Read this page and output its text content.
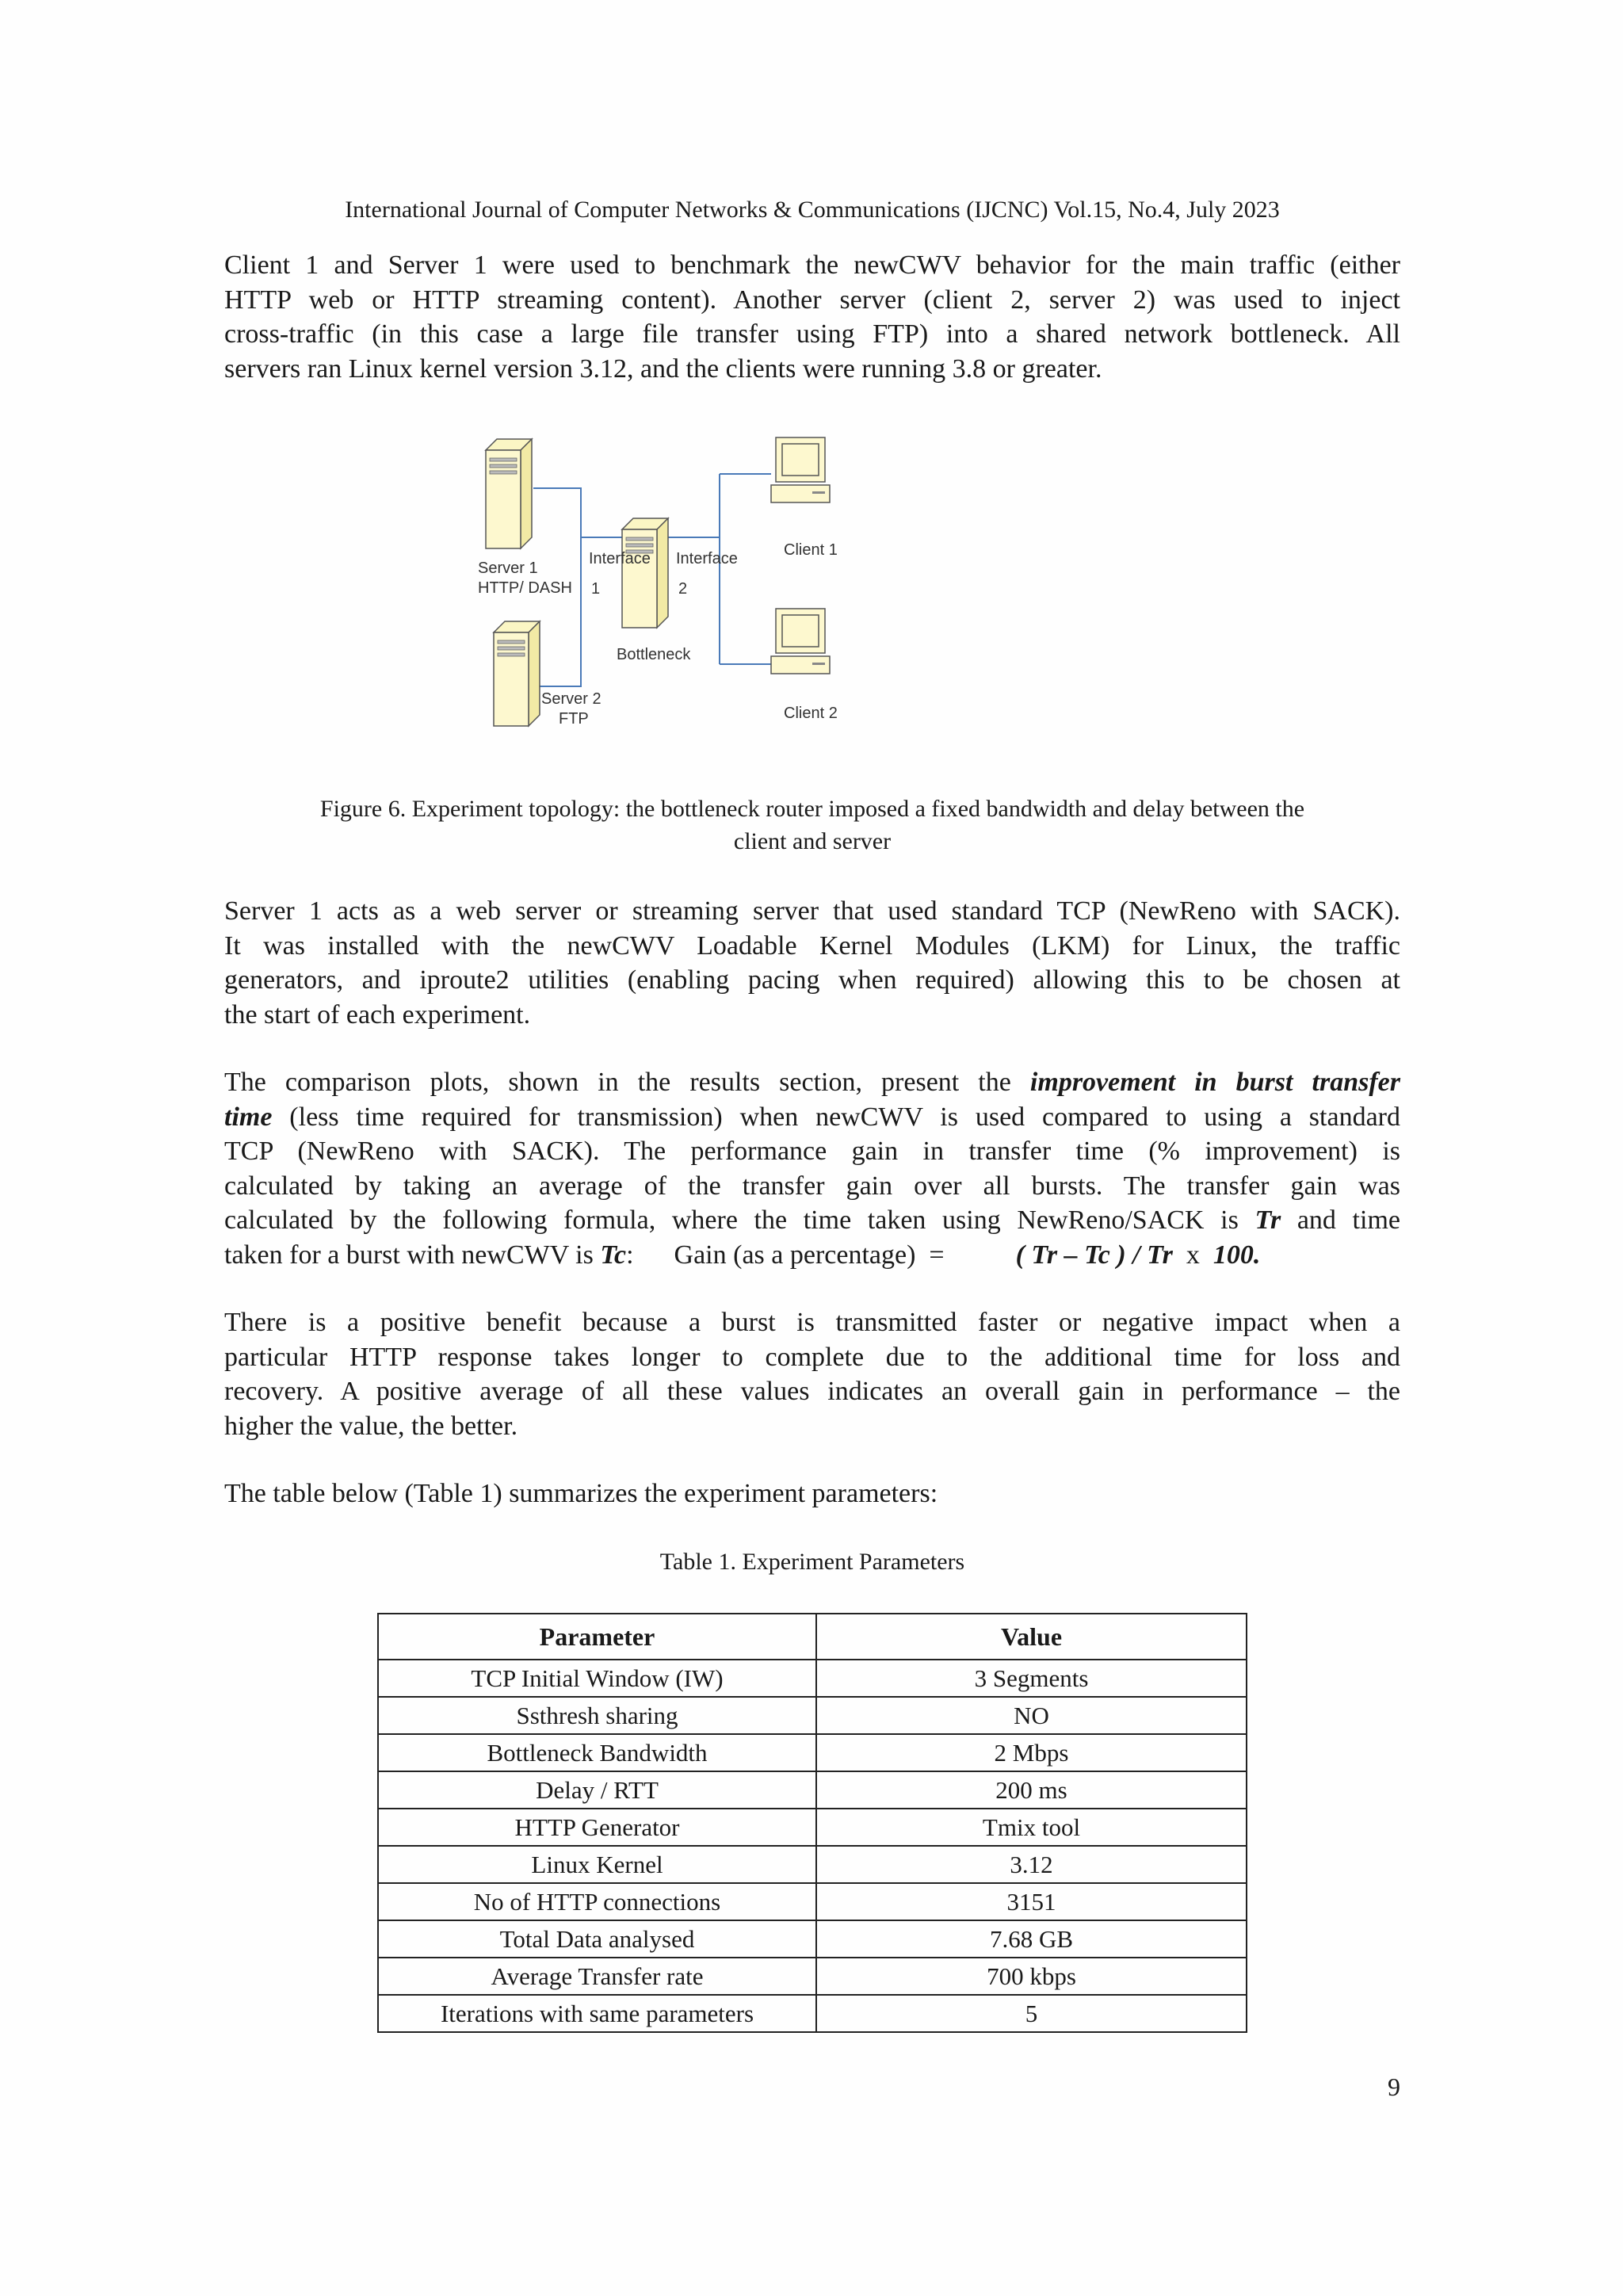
International Journal of Computer Networks & Communications (IJCNC) Vol.15, No.4, July 2023

Client 1 and Server 1 were used to benchmark the newCWV behavior for the main traffic (either
HTTP web or HTTP streaming content). Another server (client 2, server 2) was used to inject
cross-traffic (in this case a large file transfer using FTP) into a shared network bottleneck. All
servers ran Linux kernel version 3.12, and the clients were running 3.8 or greater.

Server 1
HTTP/ DASH
Server 2
FTP
Interface
1
Interface
2
Bottleneck
Client 1
Client 2
Figure 6. Experiment topology: the bottleneck router imposed a fixed bandwidth and delay between the
client and server

Server 1 acts as a web server or streaming server that used standard TCP (NewReno with SACK).
It was installed with the newCWV Loadable Kernel Modules (LKM) for Linux, the traffic
generators, and iproute2 utilities (enabling pacing when required) allowing this to be chosen at
the start of each experiment.

The comparison plots, shown in the results section, present the improvement in burst transfer
time (less time required for transmission) when newCWV is used compared to using a standard
TCP (NewReno with SACK). The performance gain in transfer time (% improvement) is
calculated by taking an average of the transfer gain over all bursts. The transfer gain was
calculated by the following formula, where the time taken using NewReno/SACK is Tr and time
taken for a burst with newCWV is Tc:      Gain (as a percentage)  =	( Tr – Tc ) / Tr  x  100.

There is a positive benefit because a burst is transmitted faster or negative impact when a
particular HTTP response takes longer to complete due to the additional time for loss and
recovery. A positive average of all these values indicates an overall gain in performance – the
higher the value, the better.

The table below (Table 1) summarizes the experiment parameters:

Table 1. Experiment Parameters
Parameter	Value
TCP Initial Window (IW)	3 Segments
Ssthresh sharing	NO
Bottleneck Bandwidth	2 Mbps
Delay / RTT	200 ms
HTTP Generator	Tmix tool
Linux Kernel	3.12
No of HTTP connections	3151
Total Data analysed	7.68 GB
Average Transfer rate	700 kbps
Iterations with same parameters	5
9
